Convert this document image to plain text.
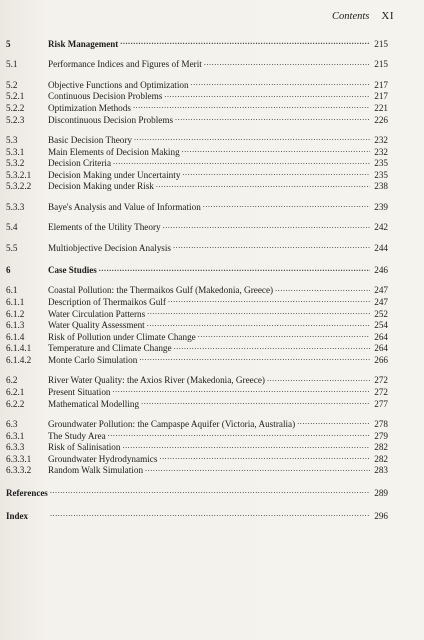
Contents XI
5	Risk Management .....	215
5.1	Performance Indices and Figures of Merit .....	215
5.2	Objective Functions and Optimization .....	217
5.2.1	Continuous Decision Problems .....	217
5.2.2	Optimization Methods .....	221
5.2.3	Discontinuous Decision Problems .....	226
5.3	Basic Decision Theory .....	232
5.3.1	Main Elements of Decision Making .....	232
5.3.2	Decision Criteria .....	235
5.3.2.1	Decision Making under Uncertainty .....	235
5.3.2.2	Decision Making under Risk .....	238
5.3.3	Baye's Analysis and Value of Information .....	239
5.4	Elements of the Utility Theory .....	242
5.5	Multiobjective Decision Analysis .....	244
6	Case Studies .....	246
6.1	Coastal Pollution: the Thermaikos Gulf (Makedonia, Greece) .....	247
6.1.1	Description of Thermaikos Gulf .....	247
6.1.2	Water Circulation Patterns .....	252
6.1.3	Water Quality Assessment .....	254
6.1.4	Risk of Pollution under Climate Change .....	264
6.1.4.1	Temperature and Climate Change .....	264
6.1.4.2	Monte Carlo Simulation .....	266
6.2	River Water Quality: the Axios River (Makedonia, Greece) .....	272
6.2.1	Present Situation .....	272
6.2.2	Mathematical Modelling .....	277
6.3	Groundwater Pollution: the Campaspe Aquifer (Victoria, Australia) .....	278
6.3.1	The Study Area .....	279
6.3.3	Risk of Salinisation .....	282
6.3.3.1	Groundwater Hydrodynamics .....	282
6.3.3.2	Random Walk Simulation .....	283
References .....	289
Index .....	296
